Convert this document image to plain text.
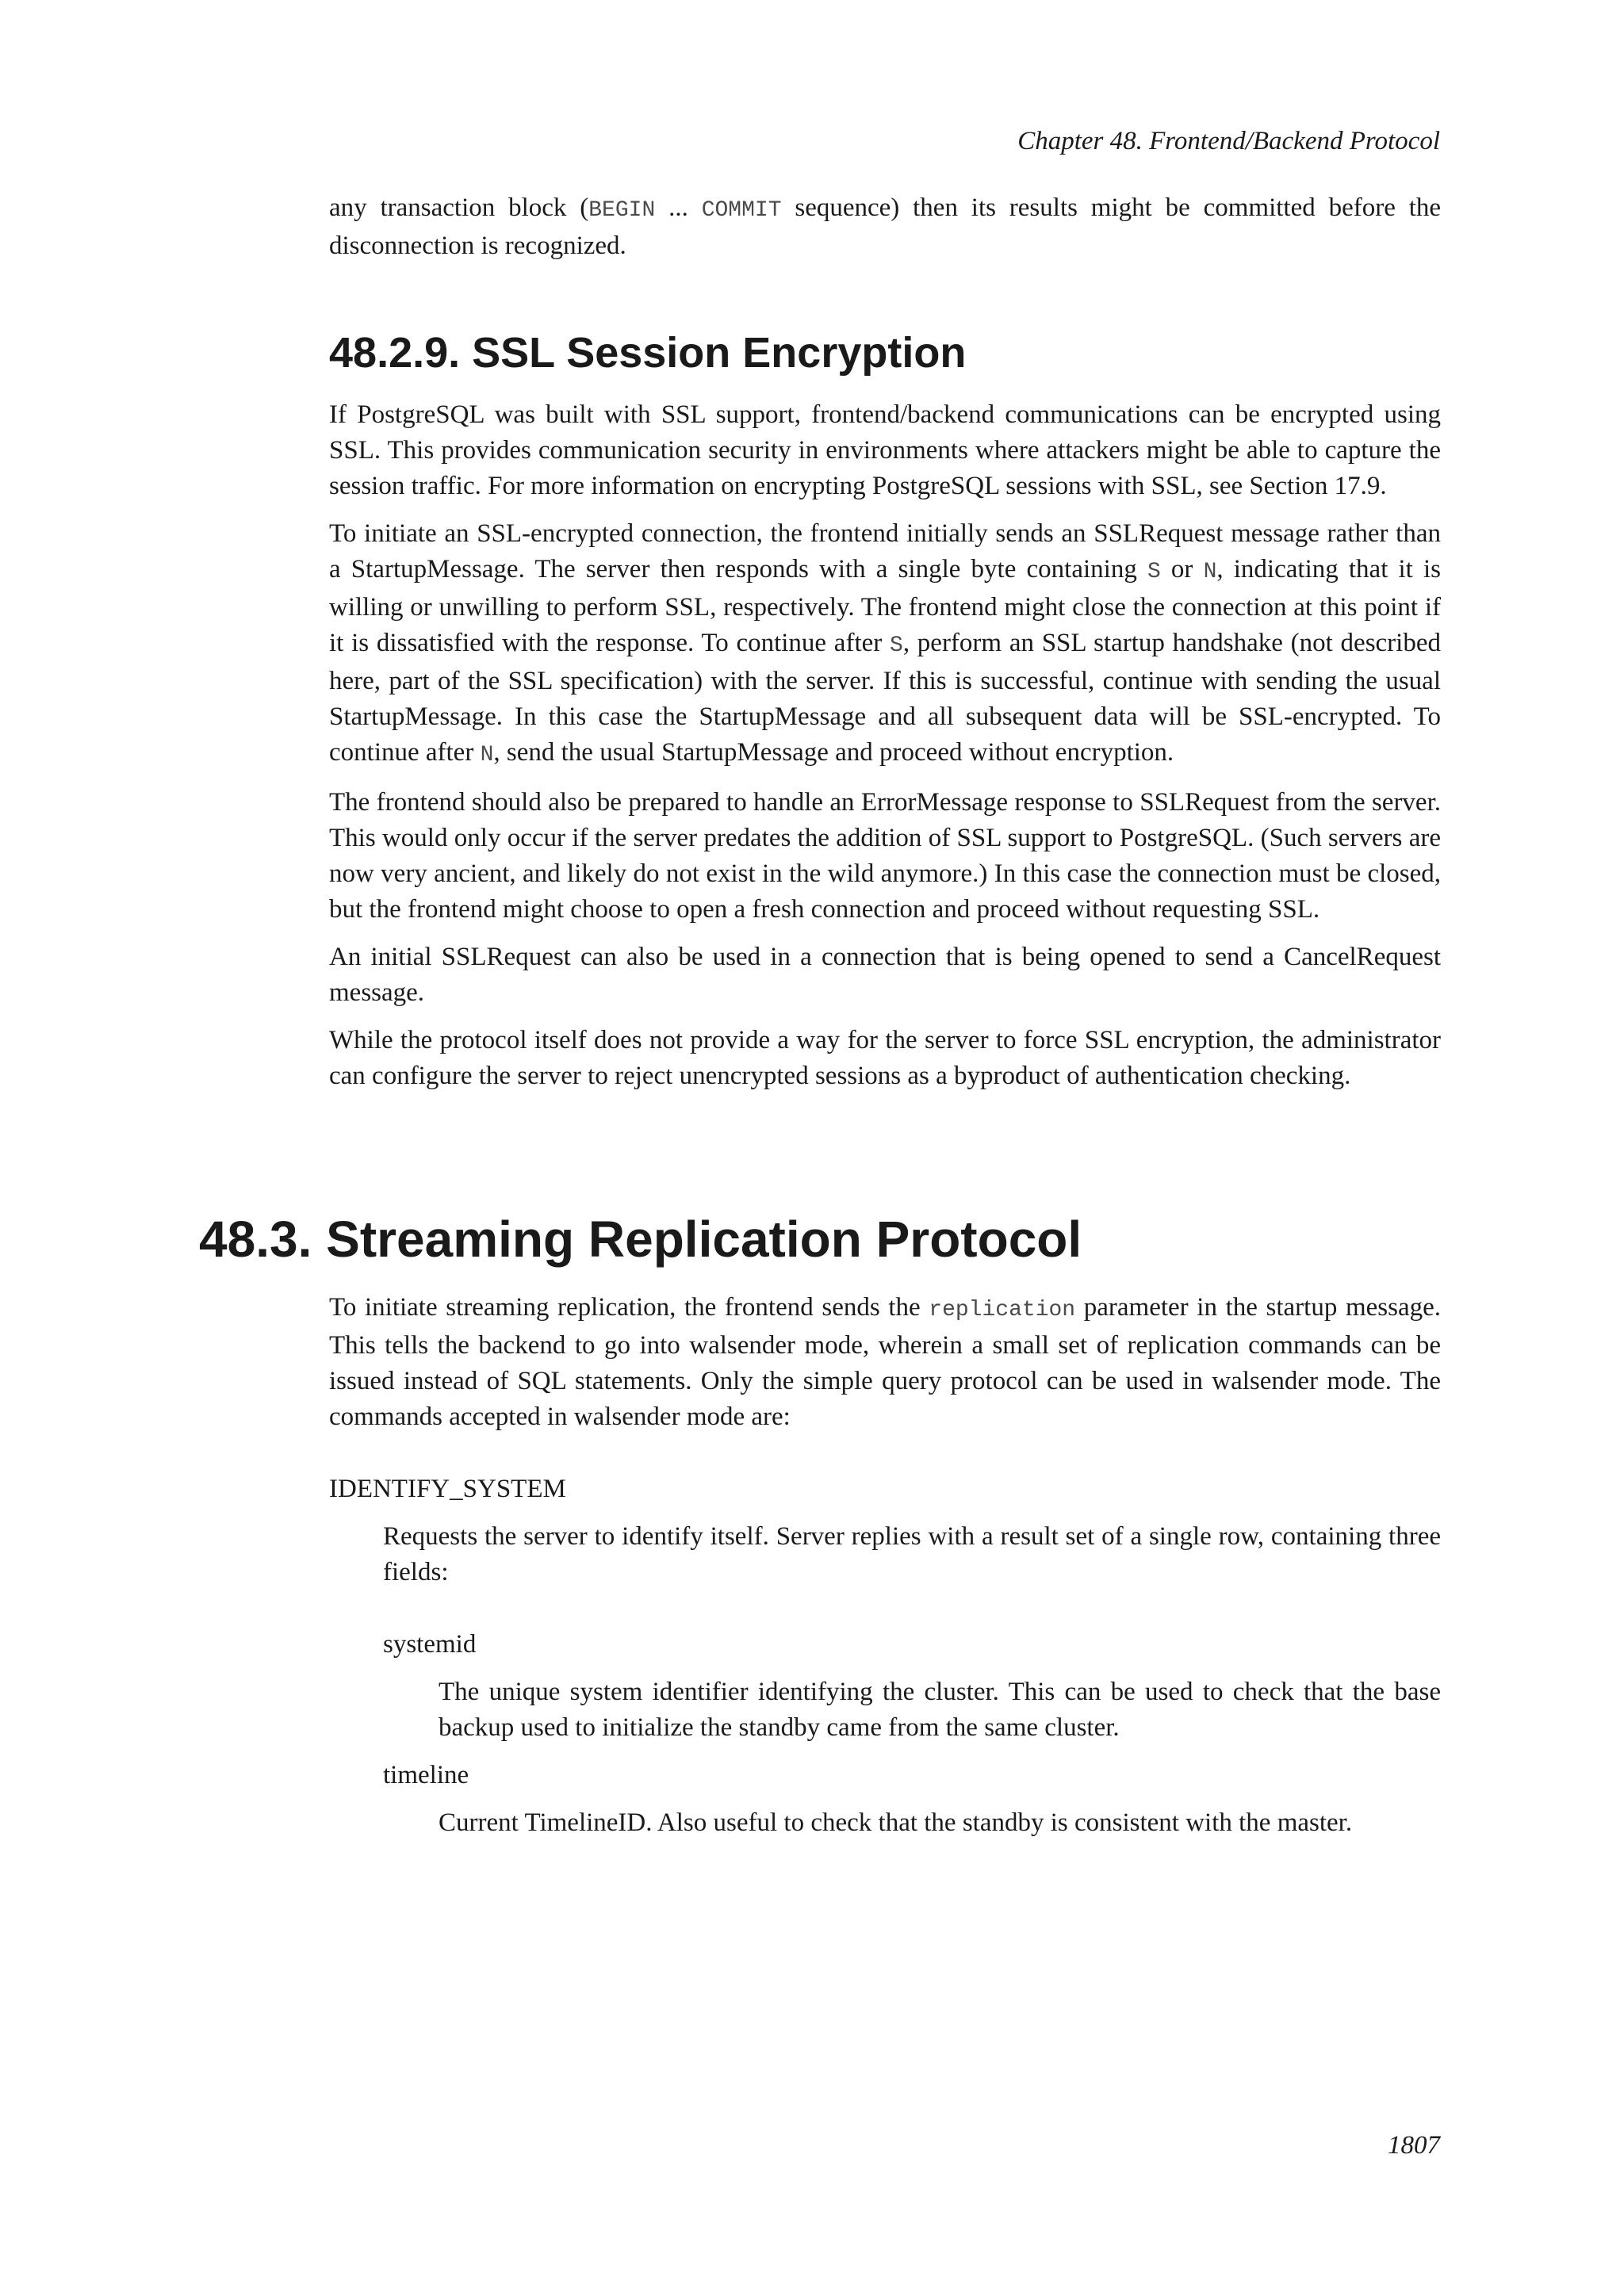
Chapter 48. Frontend/Backend Protocol

any transaction block (BEGIN ... COMMIT sequence) then its results might be committed before the disconnection is recognized.

48.2.9. SSL Session Encryption

If PostgreSQL was built with SSL support, frontend/backend communications can be encrypted using SSL. This provides communication security in environments where attackers might be able to capture the session traffic. For more information on encrypting PostgreSQL sessions with SSL, see Section 17.9.

To initiate an SSL-encrypted connection, the frontend initially sends an SSLRequest message rather than a StartupMessage. The server then responds with a single byte containing S or N, indicating that it is willing or unwilling to perform SSL, respectively. The frontend might close the connection at this point if it is dissatisfied with the response. To continue after S, perform an SSL startup handshake (not described here, part of the SSL specification) with the server. If this is successful, continue with sending the usual StartupMessage. In this case the StartupMessage and all subsequent data will be SSL-encrypted. To continue after N, send the usual StartupMessage and proceed without encryption.

The frontend should also be prepared to handle an ErrorMessage response to SSLRequest from the server. This would only occur if the server predates the addition of SSL support to PostgreSQL. (Such servers are now very ancient, and likely do not exist in the wild anymore.) In this case the connection must be closed, but the frontend might choose to open a fresh connection and proceed without requesting SSL.

An initial SSLRequest can also be used in a connection that is being opened to send a CancelRequest message.

While the protocol itself does not provide a way for the server to force SSL encryption, the administrator can configure the server to reject unencrypted sessions as a byproduct of authentication checking.

48.3. Streaming Replication Protocol

To initiate streaming replication, the frontend sends the replication parameter in the startup message. This tells the backend to go into walsender mode, wherein a small set of replication commands can be issued instead of SQL statements. Only the simple query protocol can be used in walsender mode. The commands accepted in walsender mode are:

IDENTIFY_SYSTEM

Requests the server to identify itself. Server replies with a result set of a single row, containing three fields:

systemid

The unique system identifier identifying the cluster. This can be used to check that the base backup used to initialize the standby came from the same cluster.

timeline

Current TimelineID. Also useful to check that the standby is consistent with the master.

1807
